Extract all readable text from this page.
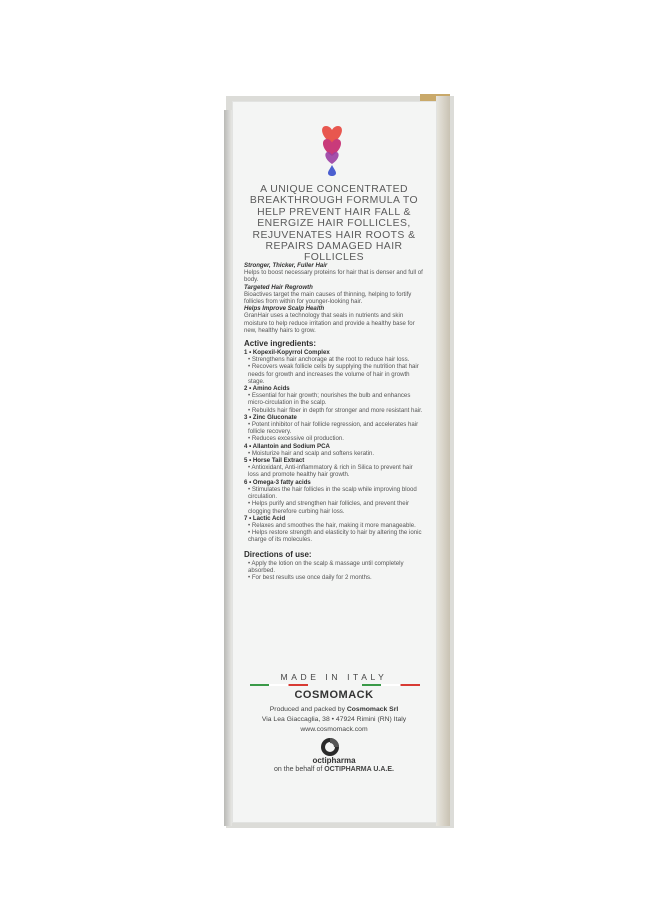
A UNIQUE CONCENTRATED BREAKTHROUGH FORMULA TO HELP PREVENT HAIR FALL & ENERGIZE HAIR FOLLICLES, REJUVENATES HAIR ROOTS & REPAIRS DAMAGED HAIR FOLLICLES
Stronger, Thicker, Fuller Hair
Helps to boost necessary proteins for hair that is denser and full of body.
Targeted Hair Regrowth
Bioactives target the main causes of thinning, helping to fortify follicles from within for younger-looking hair.
Helps Improve Scalp Health
GranHair uses a technology that seals in nutrients and skin moisture to help reduce irritation and provide a healthy base for new, healthy hairs to grow.
Active ingredients:
1 • Kopexil-Kopyrrol Complex
• Strengthens hair anchorage at the root to reduce hair loss.
• Recovers weak follicle cells by supplying the nutrition that hair needs for growth and increases the volume of hair in growth stage.
2 • Amino Acids
• Essential for hair growth; nourishes the bulb and enhances micro-circulation in the scalp.
• Rebuilds hair fiber in depth for stronger and more resistant hair.
3 • Zinc Gluconate
• Potent inhibitor of hair follicle regression, and accelerates hair follicle recovery.
• Reduces excessive oil production.
4 • Allantoin and Sodium PCA
• Moisturize hair and scalp and softens keratin.
5 • Horse Tail Extract
• Antioxidant, Anti-inflammatory & rich in Silica to prevent hair loss and promote healthy hair growth.
6 • Omega-3 fatty acids
• Stimulates the hair follicles in the scalp while improving blood circulation.
• Helps purify and strengthen hair follicles, and prevent their clogging therefore curbing hair loss.
7 • Lactic Acid
• Relaxes and smoothes the hair, making it more manageable.
• Helps restore strength and elasticity to hair by altering the ionic charge of its molecules.
Directions of use:
• Apply the lotion on the scalp & massage until completely absorbed.
• For best results use once daily for 2 months.
MADE IN ITALY
COSMOMACK
Produced and packed by Cosmomack Srl
Via Lea Giaccaglia, 38 • 47924 Rimini (RN) Italy
www.cosmomack.com
octipharma
on the behalf of OCTIPHARMA U.A.E.
